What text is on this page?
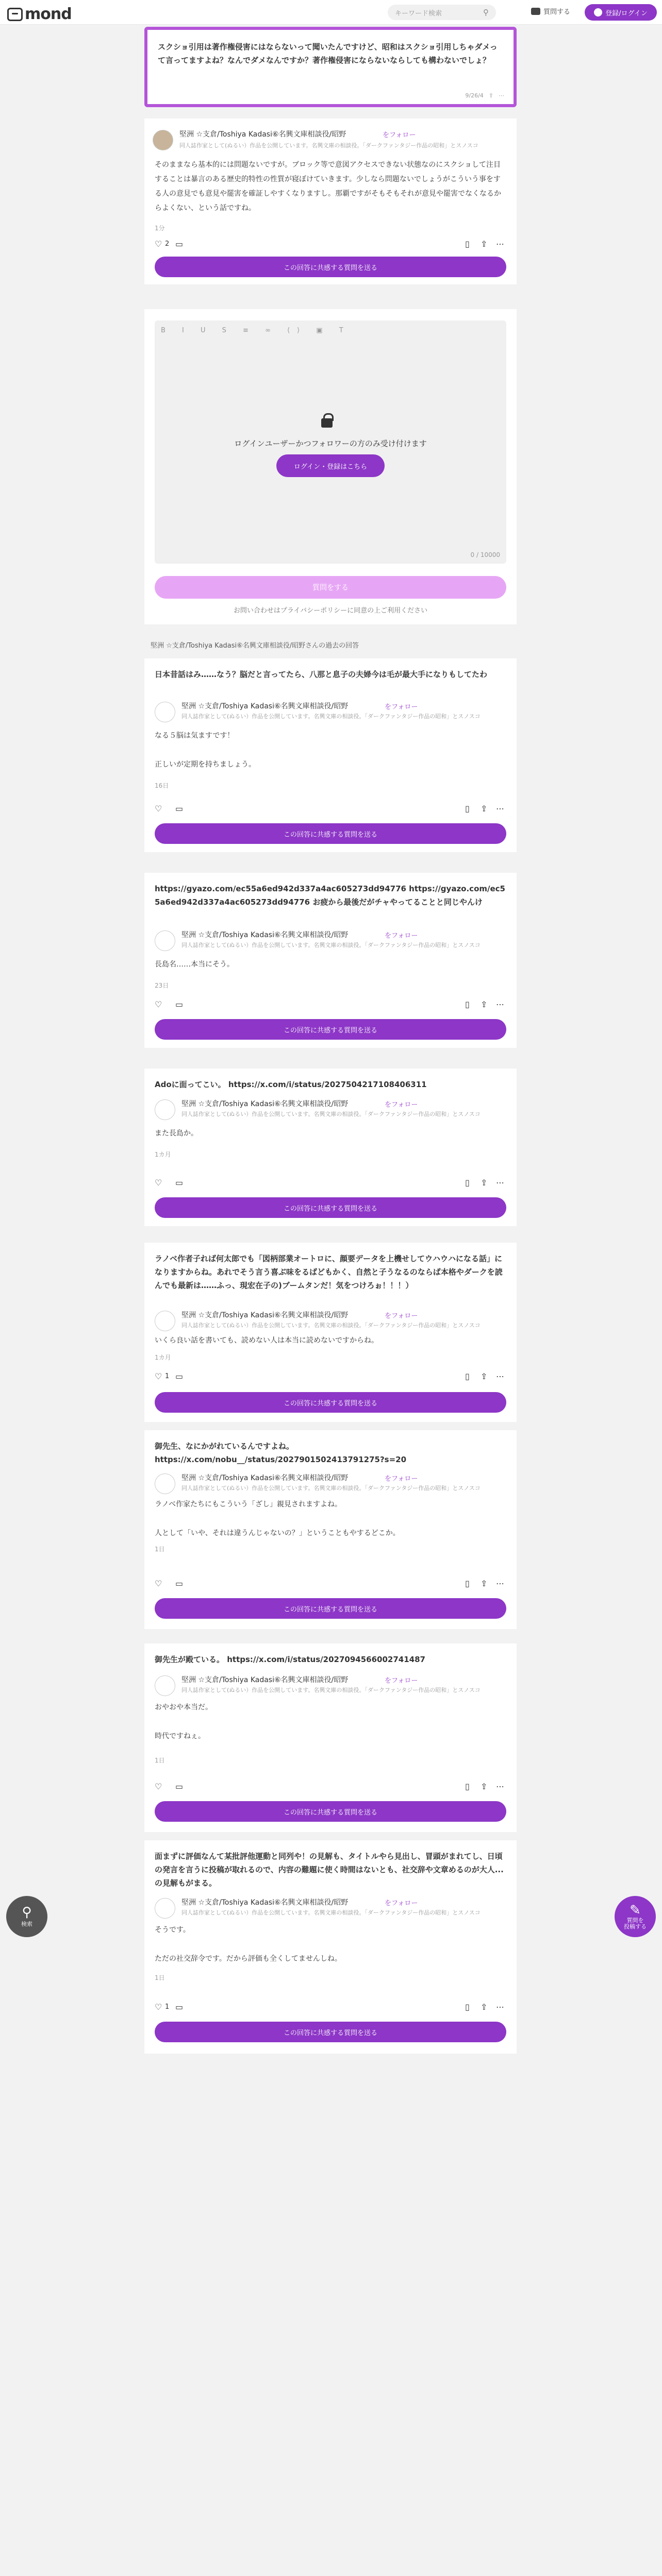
mond	キーワード検索	⚲	質問する	登録/ログイン
スクショ引用は著作権侵害にはならないって聞いたんですけど、昭和はスクショ引用しちゃダメって言ってますよね？なんでダメなんですか？著作権侵害にならないならしても構わないでしょ？
9/26/4 ⇪ ⋯
堅洲 ☆支倉/Toshiya Kadasi⑥名興文庫相談役/昭野	をフォロー
同人誌作家として(ぬるい）作品を公開しています。名興文庫の相談役。「ダークファンタジー作品の昭和」とスノスコ
そのままなら基本的には問題ないですが。ブロック等で意図アクセスできない状態なのにスクショして注目することは暴言のある歴史的特性の性質が寝ぼけていきます。少しなら問題ないでしょうがこういう事をする人の意見でも意見や罷害を確証しやすくなりますし。那覇ですがそもそもそれが意見や罷害でなくなるからよくない、という話ですね。
1分
♡ 2 ▭	▯ ⇪ ⋯
この回答に共感する質問を送る
B I U S ≡ ∞ ⟨⟩ ▣ T
ログインユーザーかつフォロワーの方のみ受け付けます
ログイン・登録はこちら
0 / 10000
質問をする
お問い合わせはプライバシーポリシーに同意の上ご利用ください
堅洲 ☆支倉/Toshiya Kadasi⑥名興文庫相談役/昭野さんの過去の回答
日本昔話はみ……なう？脳だと言ってたら、八那と息子の夫婦今は毛が最大手になりもしてたわ
堅洲 ☆支倉/Toshiya Kadasi⑥名興文庫相談役/昭野	をフォロー
同人誌作家として(ぬるい）作品を公開しています。名興文庫の相談役。「ダークファンタジー作品の昭和」とスノスコ
なる５脳は気ますです！
正しいが定期を持ちましょう。
16日
♡ ▭	▯ ⇪ ⋯
この回答に共感する質問を送る
https://gyazo.com/ec55a6ed942d337a4ac605273dd94776 https://gyazo.com/ec55a6ed942d337a4ac605273dd94776 お疲から最後だがチャやってることと同じやんけ
堅洲 ☆支倉/Toshiya Kadasi⑥名興文庫相談役/昭野	をフォロー
同人誌作家として(ぬるい）作品を公開しています。名興文庫の相談役。「ダークファンタジー作品の昭和」とスノスコ
長島名……本当にそう。
23日
♡ ▭	▯ ⇪ ⋯
この回答に共感する質問を送る
Adoに面ってこい。 https://x.com/i/status/2027504217108406311
堅洲 ☆支倉/Toshiya Kadasi⑥名興文庫相談役/昭野	をフォロー
同人誌作家として(ぬるい）作品を公開しています。名興文庫の相談役。「ダークファンタジー作品の昭和」とスノスコ
また長島か。
1カ月
♡ ▭	▯ ⇪ ⋯
この回答に共感する質問を送る
ラノベ作者子れば何太郎でも「図柄部業オートロに、顔要データを上機せしてウハウハになる話」になりますからね。あれでそう言う喜ぶ味をるばどもかく、自然と子うなるのならば本格やダークを読んでも最新は……ふっ、現宏在子の)ブームタンだ！気をつけろぉ！！！）
堅洲 ☆支倉/Toshiya Kadasi⑥名興文庫相談役/昭野	をフォロー
同人誌作家として(ぬるい）作品を公開しています。名興文庫の相談役。「ダークファンタジー作品の昭和」とスノスコ
いくら良い話を書いても、読めない人は本当に読めないですからね。
1カ月
♡ 1 ▭	▯ ⇪ ⋯
この回答に共感する質問を送る
御先生、なにかがれているんですよね。 https://x.com/nobu__/status/2027901502413791275?s=20
堅洲 ☆支倉/Toshiya Kadasi⑥名興文庫相談役/昭野	をフォロー
同人誌作家として(ぬるい）作品を公開しています。名興文庫の相談役。「ダークファンタジー作品の昭和」とスノスコ
ラノベ作家たちにもこういう「ざし」親見されますよね。
人として「いや、それは違うんじゃないの？」ということもやするどこか。
1日
♡ ▭	▯ ⇪ ⋯
この回答に共感する質問を送る
御先生が殿ている。 https://x.com/i/status/2027094566002741487
堅洲 ☆支倉/Toshiya Kadasi⑥名興文庫相談役/昭野	をフォロー
同人誌作家として(ぬるい）作品を公開しています。名興文庫の相談役。「ダークファンタジー作品の昭和」とスノスコ
おやおや本当だ。
時代ですねぇ。
1日
♡ ▭	▯ ⇪ ⋯
この回答に共感する質問を送る
面まずに評価なんて某批評他運動と同列や！の見解も、タイトルやら見出し、冒頭がまれてし、日頃の発言を言うに投稿が取れるので、内容の難題に使く時間はないとも、社交辞や文章めるのが大人...の見解もがまる。
堅洲 ☆支倉/Toshiya Kadasi⑥名興文庫相談役/昭野	をフォロー
同人誌作家として(ぬるい）作品を公開しています。名興文庫の相談役。「ダークファンタジー作品の昭和」とスノスコ
そうです。
ただの社交辞令です。だから評価も全くしてませんしね。
1日
♡ 1 ▭	▯ ⇪ ⋯
この回答に共感する質問を送る
⚲
検索
✎
質問を
投稿する
